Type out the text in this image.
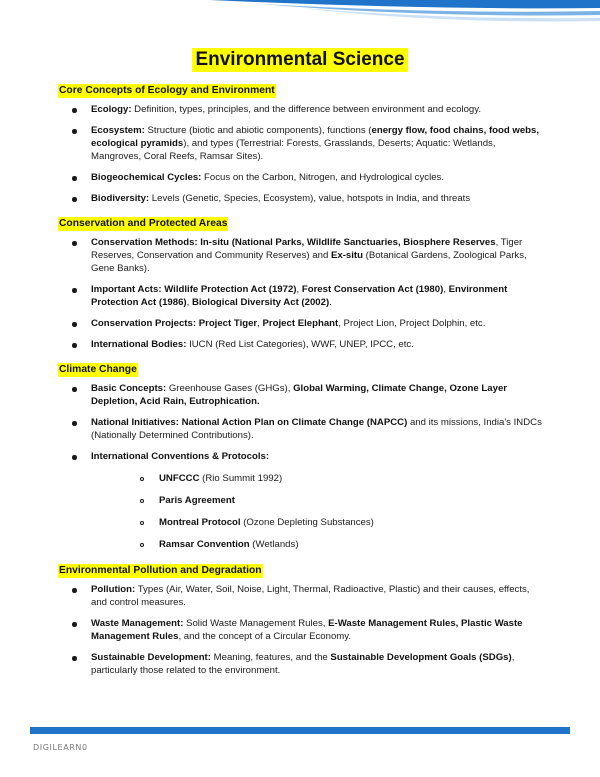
Environmental Science
Core Concepts of Ecology and Environment
Ecology: Definition, types, principles, and the difference between environment and ecology.
Ecosystem: Structure (biotic and abiotic components), functions (energy flow, food chains, food webs, ecological pyramids), and types (Terrestrial: Forests, Grasslands, Deserts; Aquatic: Wetlands, Mangroves, Coral Reefs, Ramsar Sites).
Biogeochemical Cycles: Focus on the Carbon, Nitrogen, and Hydrological cycles.
Biodiversity: Levels (Genetic, Species, Ecosystem), value, hotspots in India, and threats
Conservation and Protected Areas
Conservation Methods: In-situ (National Parks, Wildlife Sanctuaries, Biosphere Reserves, Tiger Reserves, Conservation and Community Reserves) and Ex-situ (Botanical Gardens, Zoological Parks, Gene Banks).
Important Acts: Wildlife Protection Act (1972), Forest Conservation Act (1980), Environment Protection Act (1986), Biological Diversity Act (2002).
Conservation Projects: Project Tiger, Project Elephant, Project Lion, Project Dolphin, etc.
International Bodies: IUCN (Red List Categories), WWF, UNEP, IPCC, etc.
Climate Change
Basic Concepts: Greenhouse Gases (GHGs), Global Warming, Climate Change, Ozone Layer Depletion, Acid Rain, Eutrophication.
National Initiatives: National Action Plan on Climate Change (NAPCC) and its missions, India's INDCs (Nationally Determined Contributions).
International Conventions & Protocols:
UNFCCC (Rio Summit 1992)
Paris Agreement
Montreal Protocol (Ozone Depleting Substances)
Ramsar Convention (Wetlands)
Environmental Pollution and Degradation
Pollution: Types (Air, Water, Soil, Noise, Light, Thermal, Radioactive, Plastic) and their causes, effects, and control measures.
Waste Management: Solid Waste Management Rules, E-Waste Management Rules, Plastic Waste Management Rules, and the concept of a Circular Economy.
Sustainable Development: Meaning, features, and the Sustainable Development Goals (SDGs), particularly those related to the environment.
DIGILEARN0
